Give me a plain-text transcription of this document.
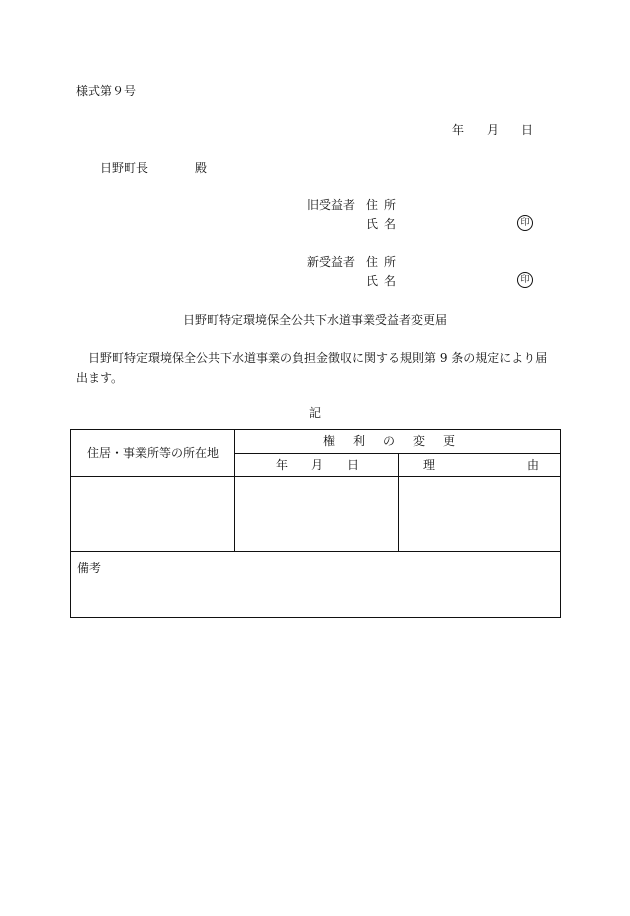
様式第９号
年 月 日
日野町長	殿
旧受益者 住所
氏名	印
新受益者 住所
氏名	印
日野町特定環境保全公共下水道事業受益者変更届
日野町特定環境保全公共下水道事業の負担金徴収に関する規則第 9 条の規定により届出ます。
記
住居・事業所等の所在地
権利の変更
年 月 日	理	由
備考
